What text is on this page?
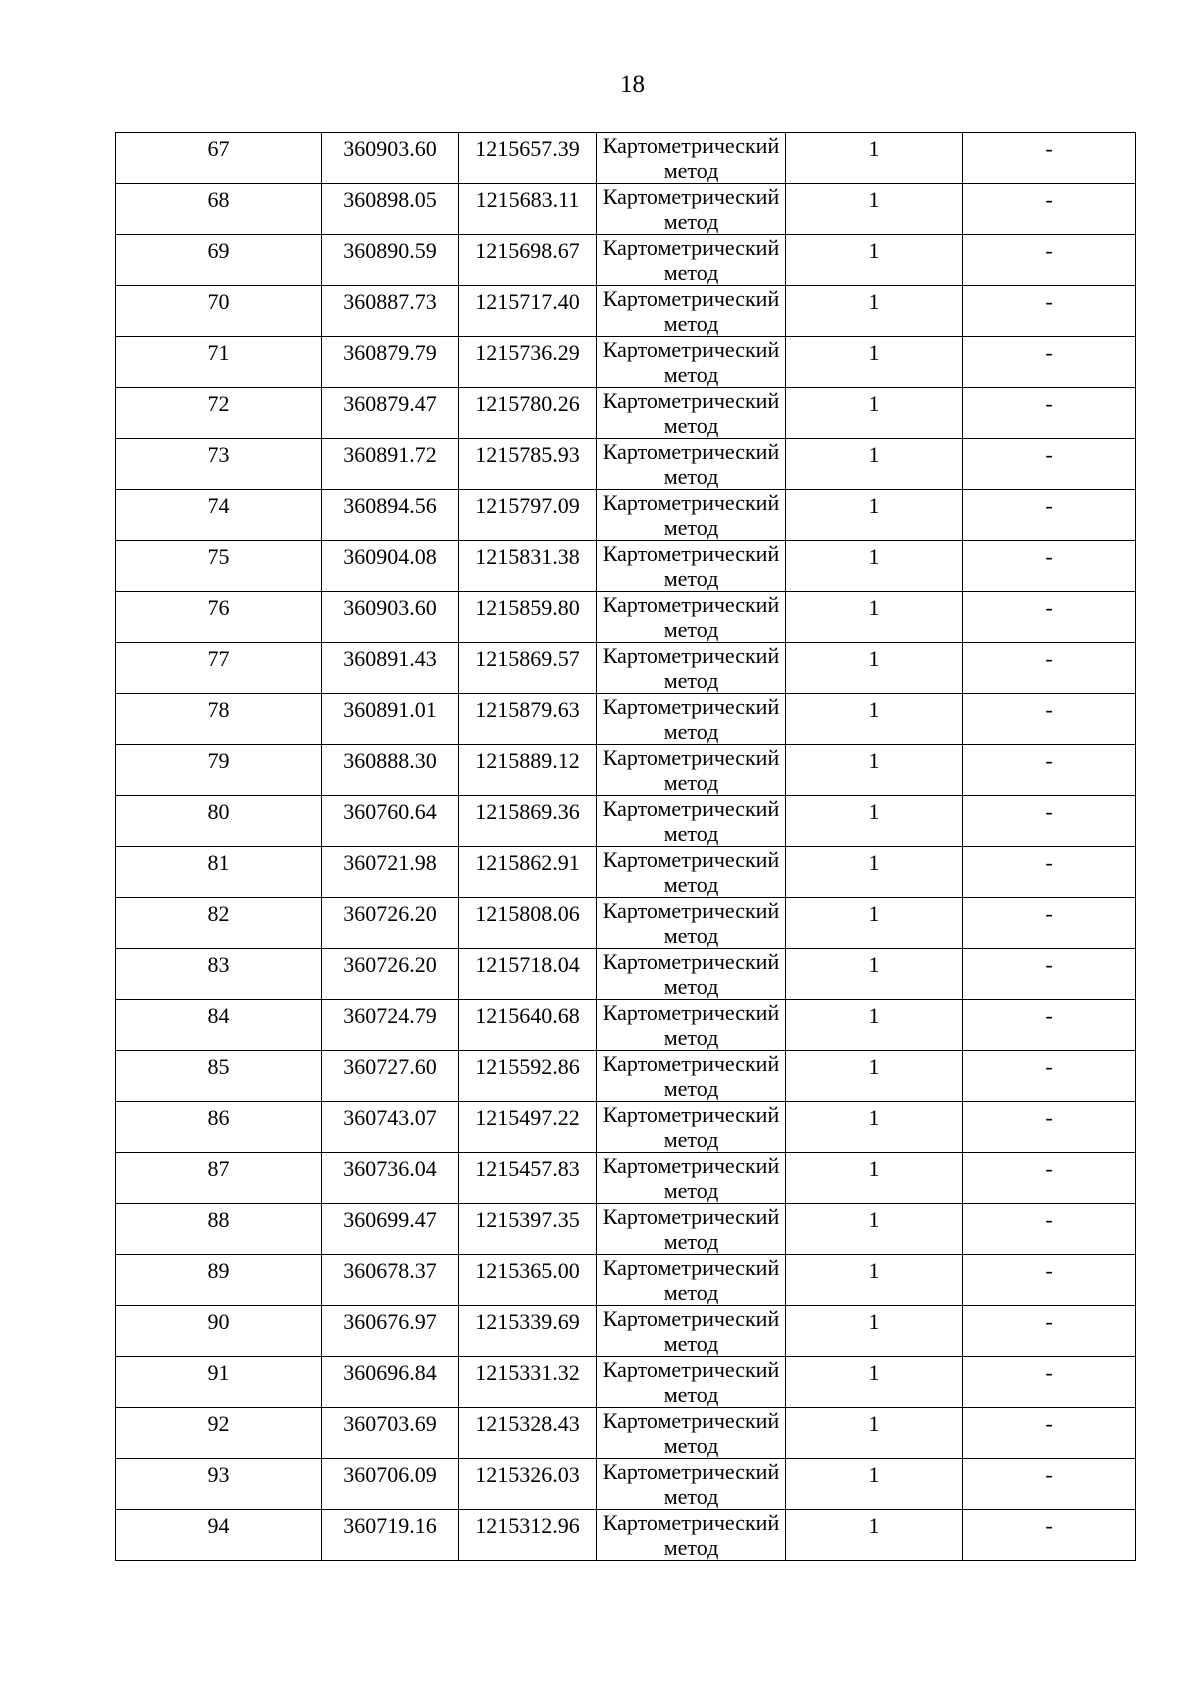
18
67	360903.60	1215657.39	Картометрический метод	1	-

68	360898.05	1215683.11	Картометрический метод	1	-

69	360890.59	1215698.67	Картометрический метод	1	-

70	360887.73	1215717.40	Картометрический метод	1	-

71	360879.79	1215736.29	Картометрический метод	1	-

72	360879.47	1215780.26	Картометрический метод	1	-

73	360891.72	1215785.93	Картометрический метод	1	-

74	360894.56	1215797.09	Картометрический метод	1	-

75	360904.08	1215831.38	Картометрический метод	1	-

76	360903.60	1215859.80	Картометрический метод	1	-

77	360891.43	1215869.57	Картометрический метод	1	-

78	360891.01	1215879.63	Картометрический метод	1	-

79	360888.30	1215889.12	Картометрический метод	1	-

80	360760.64	1215869.36	Картометрический метод	1	-

81	360721.98	1215862.91	Картометрический метод	1	-

82	360726.20	1215808.06	Картометрический метод	1	-

83	360726.20	1215718.04	Картометрический метод	1	-

84	360724.79	1215640.68	Картометрический метод	1	-

85	360727.60	1215592.86	Картометрический метод	1	-

86	360743.07	1215497.22	Картометрический метод	1	-

87	360736.04	1215457.83	Картометрический метод	1	-

88	360699.47	1215397.35	Картометрический метод	1	-

89	360678.37	1215365.00	Картометрический метод	1	-

90	360676.97	1215339.69	Картометрический метод	1	-

91	360696.84	1215331.32	Картометрический метод	1	-

92	360703.69	1215328.43	Картометрический метод	1	-

93	360706.09	1215326.03	Картометрический метод	1	-

94	360719.16	1215312.96	Картометрический метод	1	-
